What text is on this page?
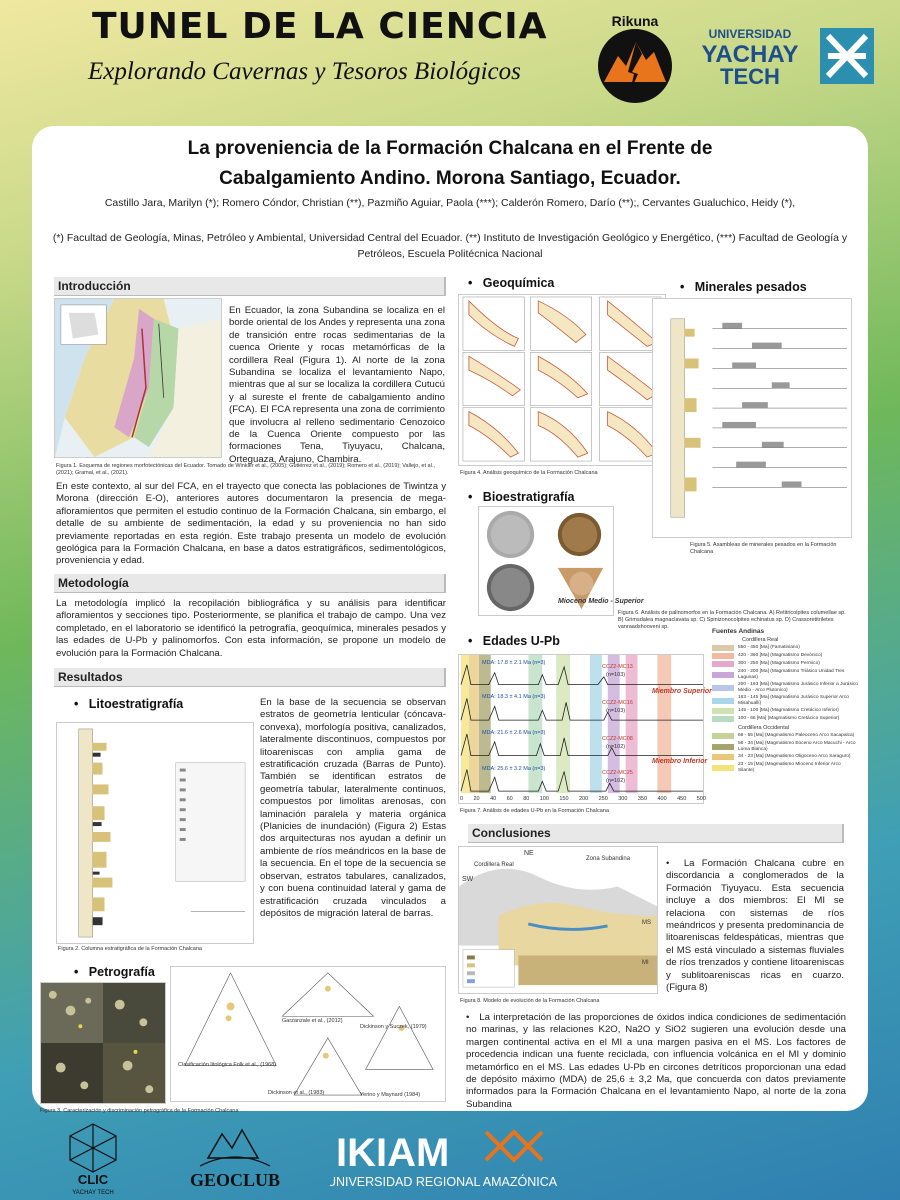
TUNEL DE LA CIENCIA
Explorando Cavernas y Tesoros Biológicos
Rikuna
UNIVERSIDAD
YACHAY
TECH
La proveniencia de la Formación Chalcana en el Frente de
Cabalgamiento Andino. Morona Santiago, Ecuador.
Castillo Jara, Marilyn (*); Romero Cóndor, Christian (**), Pazmiño Aguiar, Paola (***); Calderón Romero, Darío (**);, Cervantes Gualuchico, Heidy (*),
(*) Facultad de Geología, Minas, Petróleo y Ambiental, Universidad Central del Ecuador. (**) Instituto de Investigación Geológico y Energético, (***) Facultad de Geología y Petróleos, Escuela Politécnica Nacional
Introducción
En Ecuador, la zona Subandina se localiza en el borde oriental de los Andes y representa una zona de transición entre rocas sedimentarias de la cuenca Oriente y rocas metamórficas de la cordillera Real (Figura 1). Al norte de la zona Subandina se localiza el levantamiento Napo, mientras que al sur se localiza la cordillera Cutucú y al sureste el frente de cabalgamiento andino (FCA). El FCA representa una zona de corrimiento que involucra al relleno sedimentario Cenozoico de la Cuenca Oriente compuesto por las formaciones Tena, Tiyuyacu, Chalcana, Orteguaza, Arajuno, Chambira.
Figura 1. Esquema de regiones morfotectónicas del Ecuador. Tomado de Winkler et al., (2005); Gutiérrez et al., (2019); Romero et al., (2019); Vallejo, et al., (2021); Gramal, et al., (2021).
En este contexto, al sur del FCA, en el trayecto que conecta las poblaciones de Tiwintza y Morona (dirección E-O), anteriores autores documentaron la presencia de mega-afloramientos que permiten el estudio continuo de la Formación Chalcana, sin embargo, el detalle de su ambiente de sedimentación, la edad y su proveniencia no han sido previamente reportadas en esta región. Este trabajo presenta un modelo de evolución geológica para la Formación Chalcana, en base a datos estratigráficos, sedimentológicos, proveniencia y edad.
Metodología
La metodología implicó la recopilación bibliográfica y su análisis para identificar afloramientos y secciones tipo. Posteriormente, se planifica el trabajo de campo. Una vez completado, en el laboratorio se identificó la petrografía, geoquímica, minerales pesados y las edades de U-Pb y palinomorfos. Con esta información, se propone un modelo de evolución para la Formación Chalcana.
Resultados
•   Litoestratigrafía
Figura 2. Columna estratigráfica de la Formación Chalcana
En la base de la secuencia se observan estratos de geometría lenticular (cóncava-convexa), morfología positiva, canalizados, lateralmente discontinuos, compuestos por litoareniscas con amplia gama de estratificación cruzada (Barras de Punto). También se identifican estratos de geometría tabular, lateralmente continuos, compuestos por limolitas arenosas, con laminación paralela y materia orgánica (Planicies de inundación) (Figura 2) Estas dos arquitecturas nos ayudan a definir un ambiente de ríos meándricos en la base de la secuencia. En el tope de la secuencia se observan, estratos tabulares, canalizados, y con buena continuidad lateral y gama de estratificación cruzada vinculados a depósitos de migración lateral de barras.
•   Petrografía
Garzanzale et al., (2012)
Dickinson y Suczek, (1979)
Clasificación litológica Folk et al., (1968)
Dickinson et al., (1983)	Yerino y Maynard (1984)
Figura 3. Caracterización y discriminación petrográfica de la Formación Chalcana
•   Geoquímica
Figura 4. Análisis geoquímico de la Formación Chalcana
•   Minerales pesados
Figura 5. Asambleas de minerales pesados en la Formación Chalcana
•   Bioestratigrafía
Mioceno Medio - Superior
Figura 6. Análisis de palinomorfos en la Formación Chalcana. A) Retitricolpites columellae sp. B) Grimsdalea magnaclavata sp. C) Spinizonocolpites echinatus sp. D) Crassoretitriletes vanraadshooveni sp.
•   Edades U-Pb
MDA: 17.8 ± 2.1 Ma (n=3)
CCZ2-MC13
(n=103)
MDA: 18.3 ± 4.1 Ma (n=3)
CCZ2-MC16
(n=103)
MDA: 21.6 ± 2.6 Ma (n=3)
CCZ2-MC08
(n=102)
MDA: 25.6 ± 3.2 Ma (n=3)
CCZ2-MC25
(n=102)
Miembro Superior
Miembro Inferior
0 20 40 60 80 100 150 200 250 300 350 400 450 500
Figura 7. Análisis de edades U-Pb en la Formación Chalcana
Fuentes Andinas
Cordillera Real
550 - 450 [Ma] (Famatiniano)
420 - 360 [Ma] (Magmatismo Devónico)
300 - 250 [Ma] (Magmatismo Permico)
240 - 200 [Ma] (Magmatismo Triásico Unidad Tres Lagunas)
200 - 163 [Ma] (Magmatismo Jurásico Inferior a Jurásico Medio - Arco Plutonico)
163 - 145 [Ma] (Magmatismo Jurásico Superior Arco Misahuallí)
145 - 100 [Ma] (Magmatismo Cretácico Inferior)
100 - 66 [Ma] (Magmatismo Cretácico Superior)
Cordillera Occidental
66 - 55 [Ma] (Magmatismo Paleoceno Arco Sacapalca)
56 - 34 [Ma] (Magmatismo Eoceno Arco Macuchi - Arco Loma Blanca)
34 - 23 [Ma] (Magmatismo Oligoceno Arco Saraguro)
23 - 15 [Ma] (Magmatismo Mioceno Inferior Arco Silante)
Conclusiones
NE
SW
Cordillera Real
Zona Subandina
MS
MI
Figura 8. Modelo de evolución de la Formación Chalcana
•  La Formación Chalcana cubre en discordancia a conglomerados de la Formación Tiyuyacu. Esta secuencia incluye a dos miembros: El MI se relaciona con sistemas de ríos meándricos y presenta predominancia de litoareniscas feldespáticas, mientras que el MS está vinculado a sistemas fluviales de ríos trenzados y contiene litoareniscas y sublitoareniscas ricas en cuarzo. (Figura 8)
•   La interpretación de las proporciones de óxidos indica condiciones de sedimentación no marinas, y las relaciones K2O, Na2O y SiO2 sugieren una evolución desde una margen continental activa en el MI a una margen pasiva en el MS. Los factores de procedencia indican una fuente reciclada, con influencia volcánica en el MI y dominio metamórfico en el MS. Las edades U-Pb en circones detríticos proporcionan una edad de depósito máximo (MDA) de 25,6 ± 3,2 Ma, que concuerda con datos previamente informados para la Formación Chalcana en el levantamiento Napo, al norte de la zona Subandina
CLIC
YACHAY TECH
GEOCLUB
IKIAM
UNIVERSIDAD REGIONAL AMAZÓNICA
